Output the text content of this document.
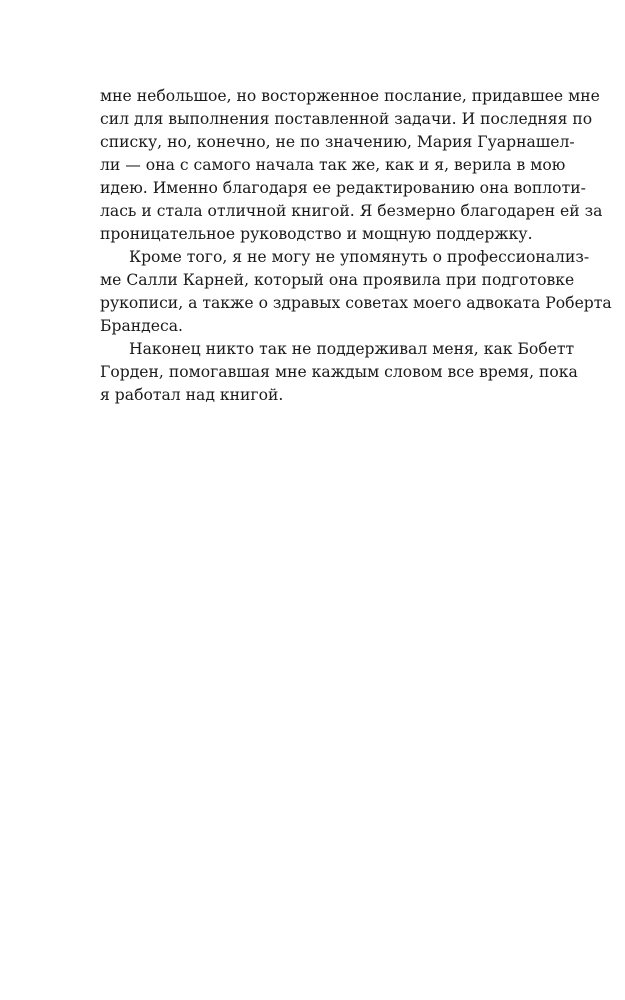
мне небольшое, но восторженное послание, придавшее мне
сил для выполнения поставленной задачи. И последняя по
списку, но, конечно, не по значению, Мария Гуарнашел-
ли — она с самого начала так же, как и я, верила в мою
идею. Именно благодаря ее редактированию она воплоти-
лась и стала отличной книгой. Я безмерно благодарен ей за
проницательное руководство и мощную поддержку.
Кроме того, я не могу не упомянуть о профессионализ-
ме Салли Карней, который она проявила при подготовке
рукописи, а также о здравых советах моего адвоката Роберта
Брандеса.
Наконец никто так не поддерживал меня, как Бобетт
Горден, помогавшая мне каждым словом все время, пока
я работал над книгой.
